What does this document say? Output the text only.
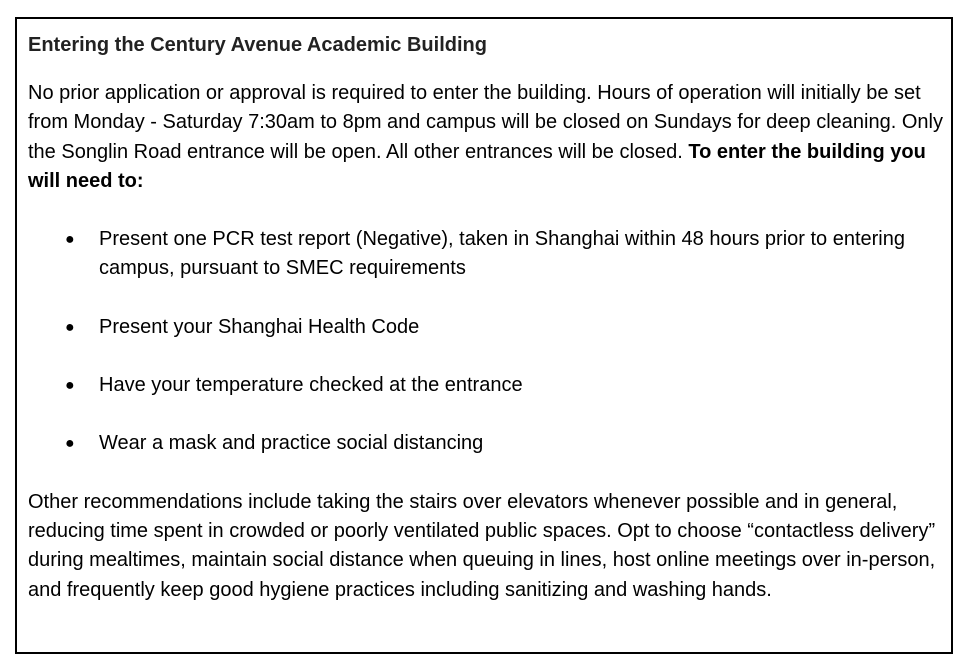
Entering the Century Avenue Academic Building

No prior application or approval is required to enter the building. Hours of operation will initially be set from Monday - Saturday 7:30am to 8pm and campus will be closed on Sundays for deep cleaning. Only the Songlin Road entrance will be open. All other entrances will be closed. To enter the building you will need to:

● Present one PCR test report (Negative), taken in Shanghai within 48 hours prior to entering campus, pursuant to SMEC requirements
● Present your Shanghai Health Code
● Have your temperature checked at the entrance
● Wear a mask and practice social distancing

Other recommendations include taking the stairs over elevators whenever possible and in general, reducing time spent in crowded or poorly ventilated public spaces. Opt to choose “contactless delivery” during mealtimes, maintain social distance when queuing in lines, host online meetings over in-person, and frequently keep good hygiene practices including sanitizing and washing hands.
